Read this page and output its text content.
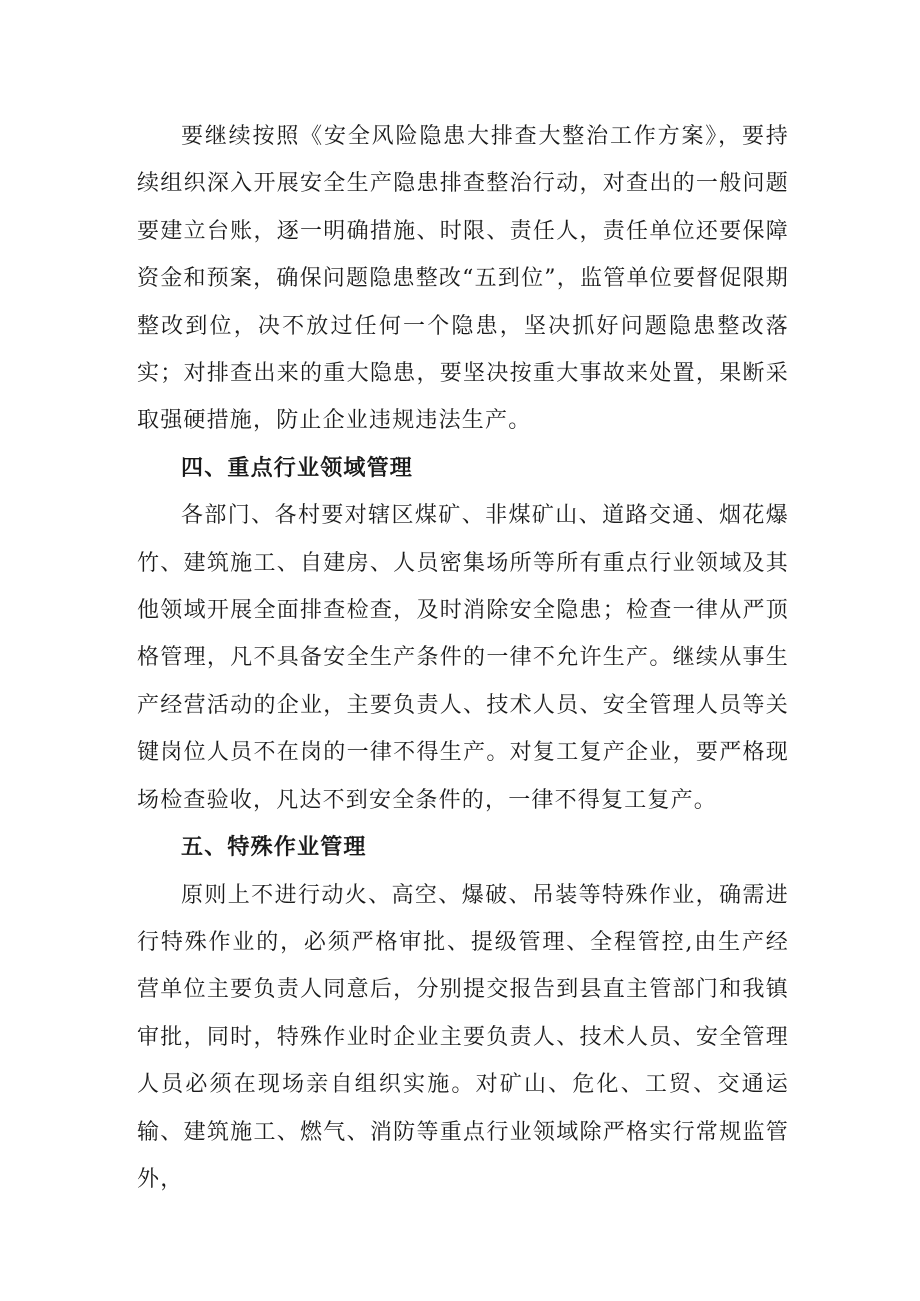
要继续按照《安全风险隐患大排查大整治工作方案》，要持续组织深入开展安全生产隐患排查整治行动，对查出的一般问题要建立台账，逐一明确措施、时限、责任人，责任单位还要保障资金和预案，确保问题隐患整改“五到位”，监管单位要督促限期整改到位，决不放过任何一个隐患，坚决抓好问题隐患整改落实；对排查出来的重大隐患，要坚决按重大事故来处置，果断采取强硬措施，防止企业违规违法生产。

四、重点行业领域管理

各部门、各村要对辖区煤矿、非煤矿山、道路交通、烟花爆竹、建筑施工、自建房、人员密集场所等所有重点行业领域及其他领域开展全面排查检查，及时消除安全隐患；检查一律从严顶格管理，凡不具备安全生产条件的一律不允许生产。继续从事生产经营活动的企业，主要负责人、技术人员、安全管理人员等关键岗位人员不在岗的一律不得生产。对复工复产企业，要严格现场检查验收，凡达不到安全条件的，一律不得复工复产。

五、特殊作业管理

原则上不进行动火、高空、爆破、吊装等特殊作业，确需进行特殊作业的，必须严格审批、提级管理、全程管控,由生产经营单位主要负责人同意后，分别提交报告到县直主管部门和我镇审批，同时，特殊作业时企业主要负责人、技术人员、安全管理人员必须在现场亲自组织实施。对矿山、危化、工贸、交通运输、建筑施工、燃气、消防等重点行业领域除严格实行常规监管外，
